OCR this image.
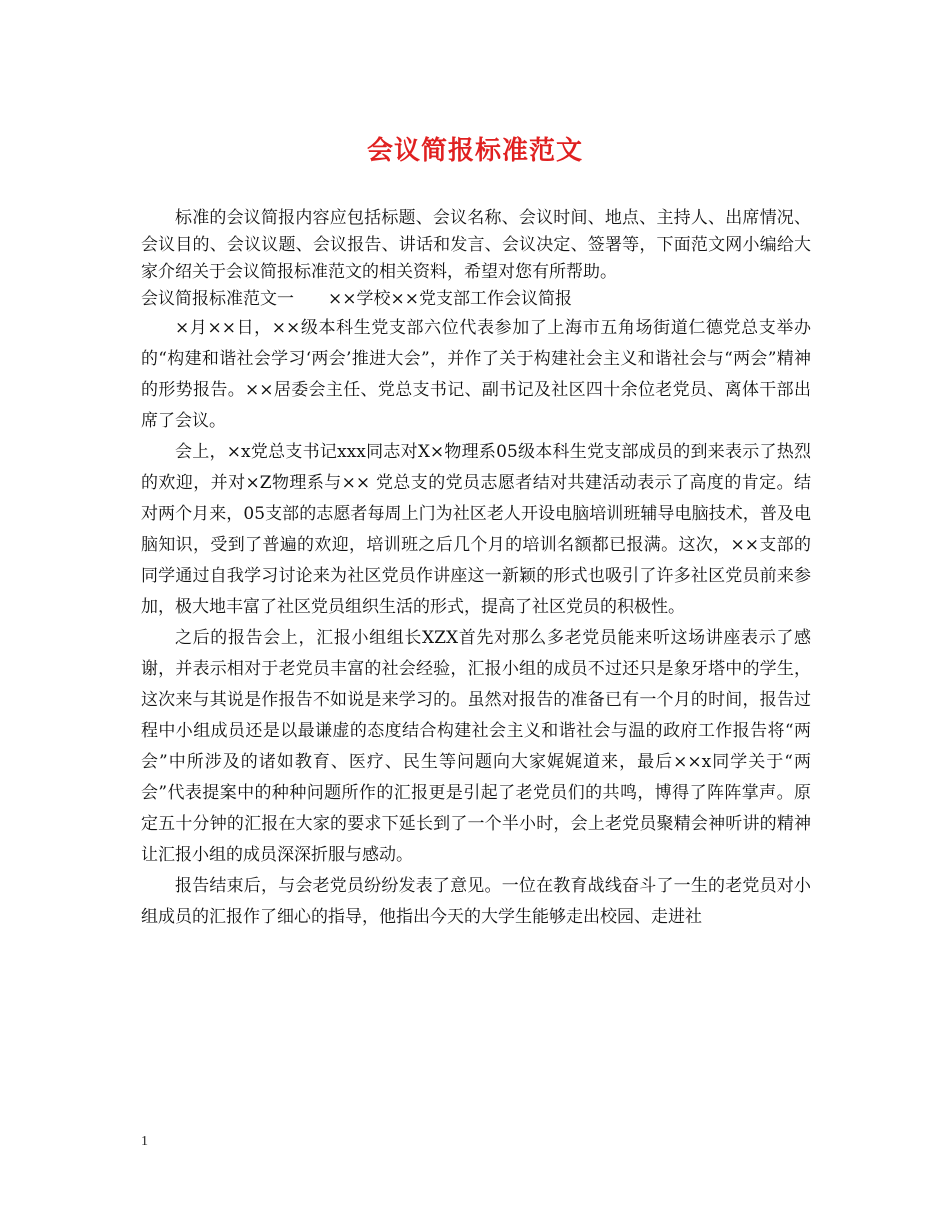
会议简报标准范文

标准的会议简报内容应包括标题、会议名称、会议时间、地点、主持人、出席情况、会议目的、会议议题、会议报告、讲话和发言、会议决定、签署等，下面范文网小编给大家介绍关于会议简报标准范文的相关资料，希望对您有所帮助。

会议简报标准范文一　　××学校××党支部工作会议简报

×月××日，××级本科生党支部六位代表参加了上海市五角场街道仁德党总支举办的“构建和谐社会学习‘两会’推进大会”，并作了关于构建社会主义和谐社会与“两会”精神的形势报告。××居委会主任、党总支书记、副书记及社区四十余位老党员、离体干部出席了会议。

会上，×x党总支书记xxx同志对X×物理系05级本科生党支部成员的到来表示了热烈的欢迎，并对×Z物理系与×× 党总支的党员志愿者结对共建活动表示了高度的肯定。结对两个月来，05支部的志愿者每周上门为社区老人开设电脑培训班辅导电脑技术，普及电脑知识，受到了普遍的欢迎，培训班之后几个月的培训名额都已报满。这次，××支部的同学通过自我学习讨论来为社区党员作讲座这一新颖的形式也吸引了许多社区党员前来参加，极大地丰富了社区党员组织生活的形式，提高了社区党员的积极性。

之后的报告会上，汇报小组组长XZX首先对那么多老党员能来听这场讲座表示了感谢，并表示相对于老党员丰富的社会经验，汇报小组的成员不过还只是象牙塔中的学生，这次来与其说是作报告不如说是来学习的。虽然对报告的准备已有一个月的时间，报告过程中小组成员还是以最谦虚的态度结合构建社会主义和谐社会与温的政府工作报告将“两会”中所涉及的诸如教育、医疗、民生等问题向大家娓娓道来，最后××x同学关于“两会”代表提案中的种种问题所作的汇报更是引起了老党员们的共鸣，博得了阵阵掌声。原定五十分钟的汇报在大家的要求下延长到了一个半小时，会上老党员聚精会神听讲的精神让汇报小组的成员深深折服与感动。

报告结束后，与会老党员纷纷发表了意见。一位在教育战线奋斗了一生的老党员对小组成员的汇报作了细心的指导，他指出今天的大学生能够走出校园、走进社

1
